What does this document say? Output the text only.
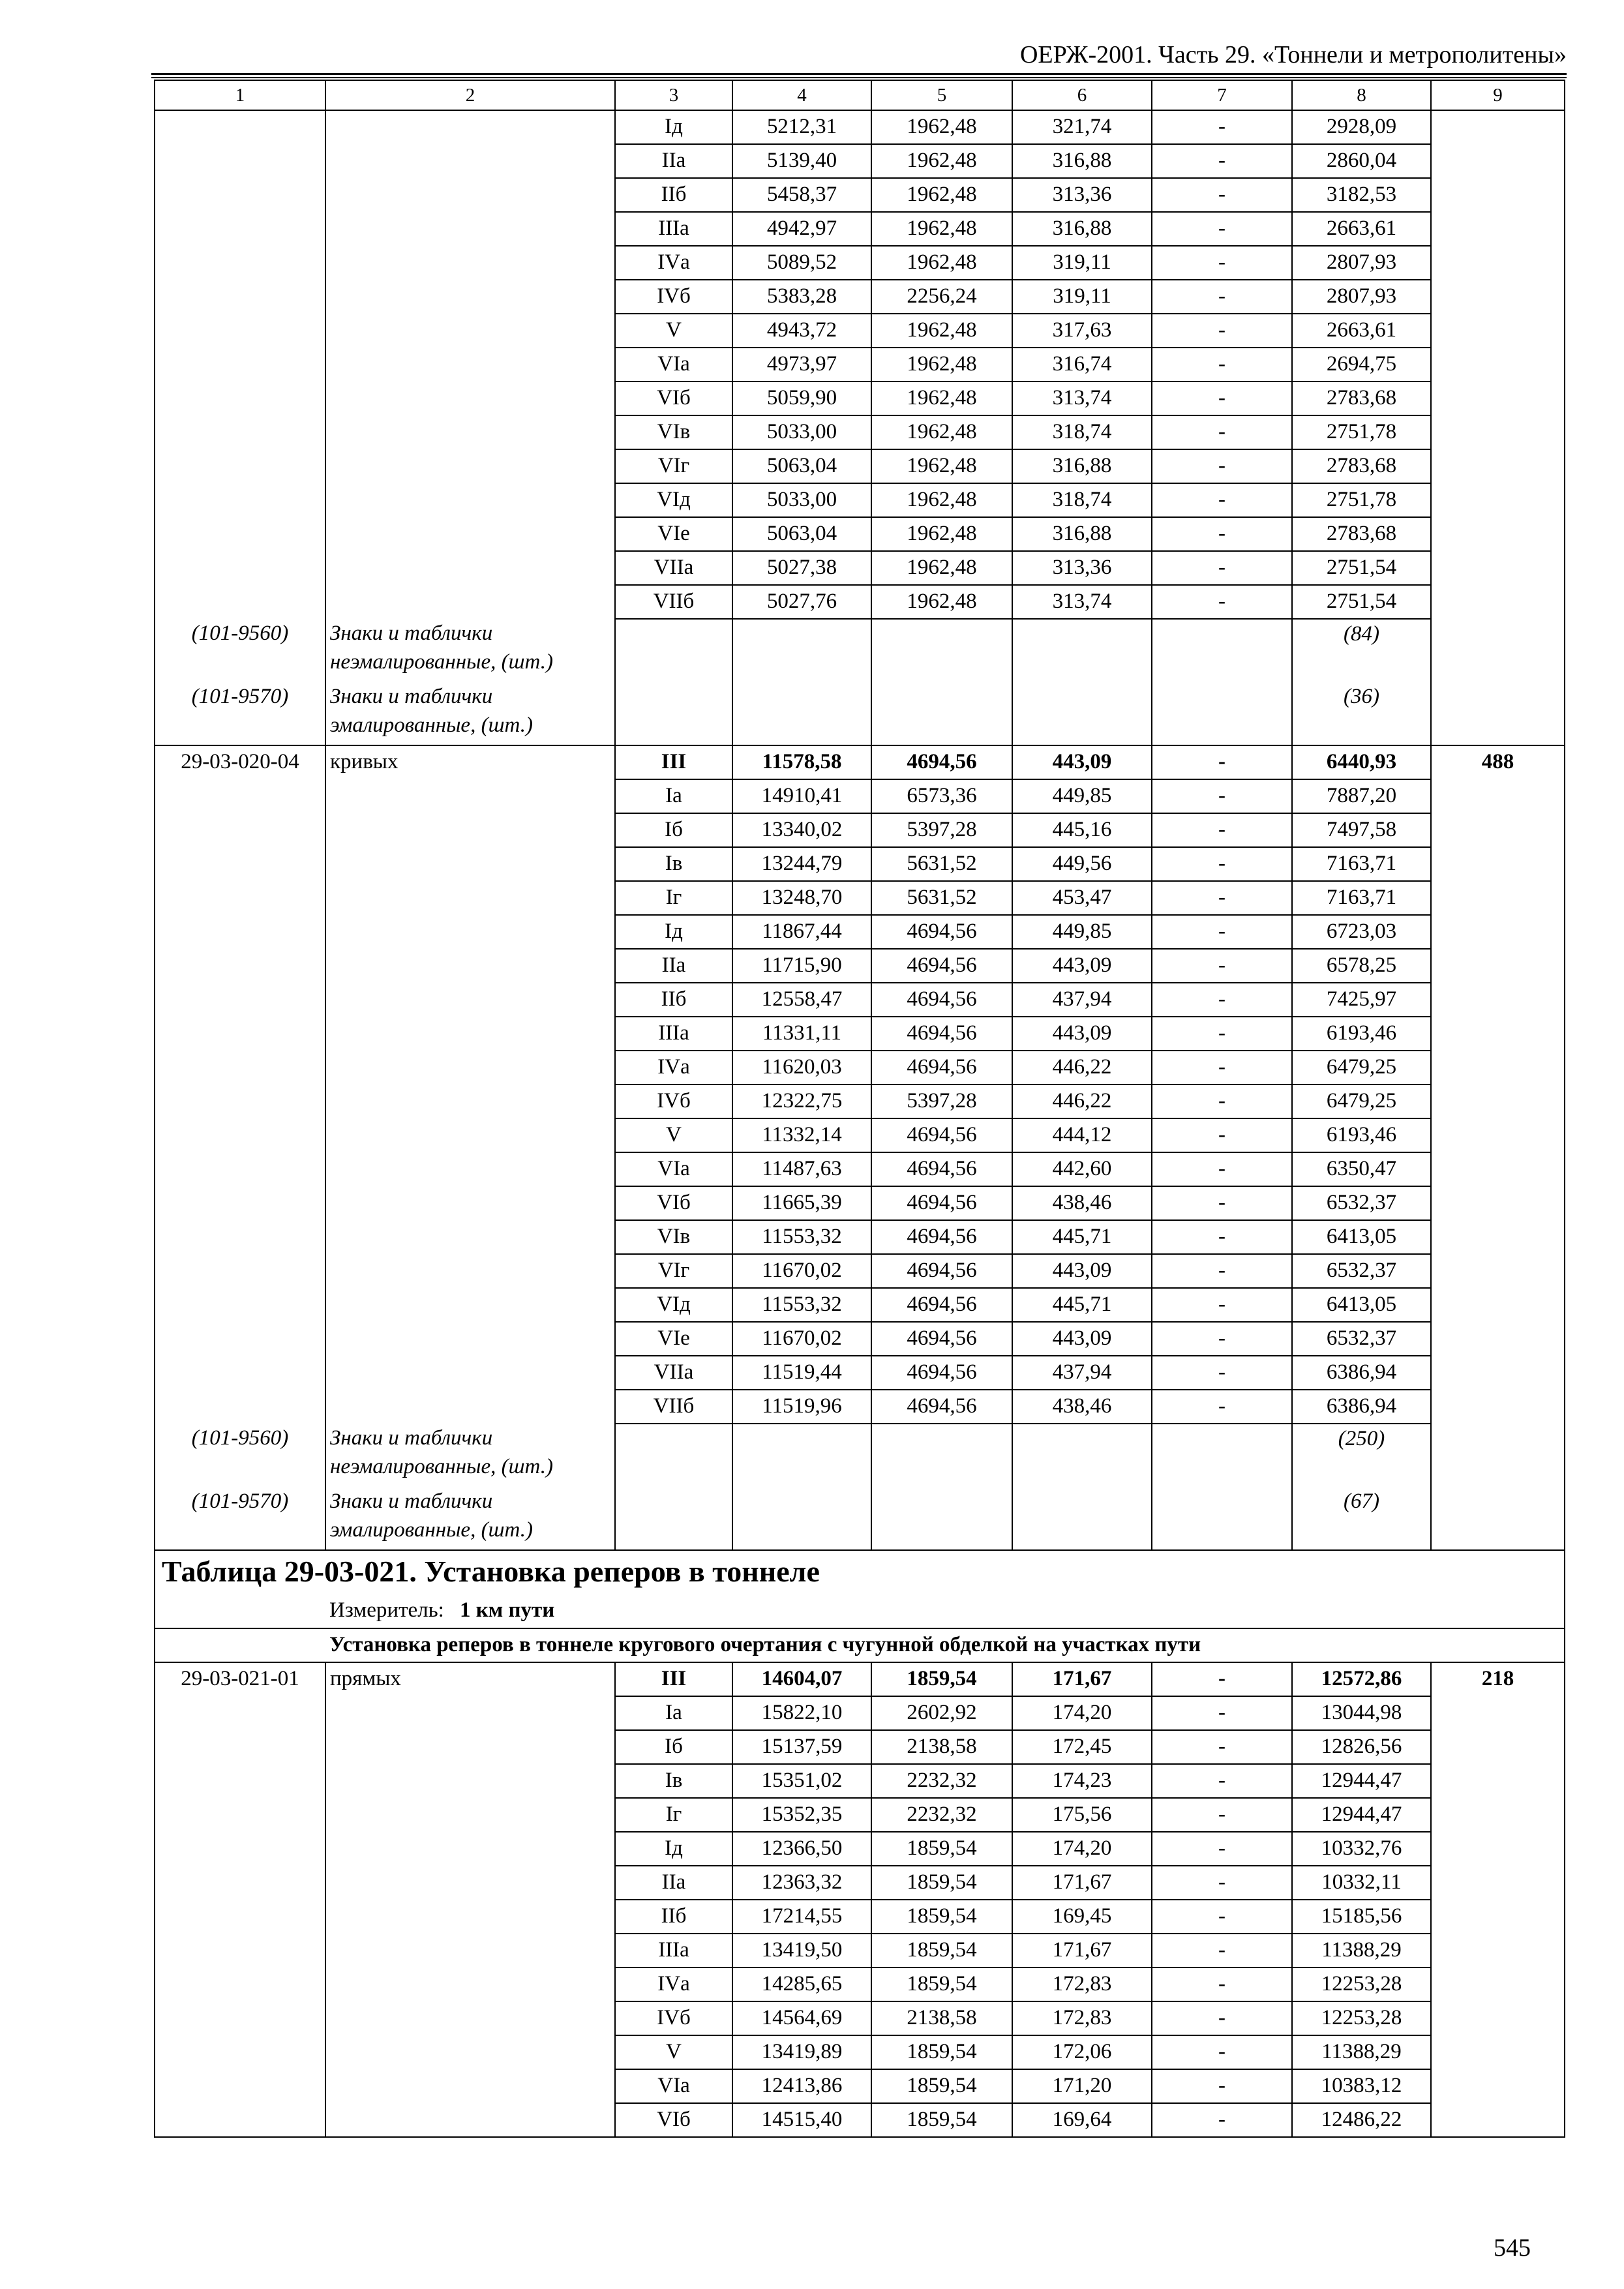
ОЕРЖ-2001. Часть 29. «Тоннели и метрополитены»
1	2	3	4	5	6	7	8	9
		Iд	5212,31	1962,48	321,74	-	2928,09	
		IIа	5139,40	1962,48	316,88	-	2860,04	
		IIб	5458,37	1962,48	313,36	-	3182,53	
		IIIа	4942,97	1962,48	316,88	-	2663,61	
		IVа	5089,52	1962,48	319,11	-	2807,93	
		IVб	5383,28	2256,24	319,11	-	2807,93	
		V	4943,72	1962,48	317,63	-	2663,61	
		VIа	4973,97	1962,48	316,74	-	2694,75	
		VIб	5059,90	1962,48	313,74	-	2783,68	
		VIв	5033,00	1962,48	318,74	-	2751,78	
		VIг	5063,04	1962,48	316,88	-	2783,68	
		VIд	5033,00	1962,48	318,74	-	2751,78	
		VIе	5063,04	1962,48	316,88	-	2783,68	
		VIIа	5027,38	1962,48	313,36	-	2751,54	
		VIIб	5027,76	1962,48	313,74	-	2751,54	
(101-9560)	Знаки и таблички неэмалированные, (шт.)						(84)	
(101-9570)	Знаки и таблички эмалированные, (шт.)						(36)	
29-03-020-04	кривых	III	11578,58	4694,56	443,09	-	6440,93	488
		Iа	14910,41	6573,36	449,85	-	7887,20	
		Iб	13340,02	5397,28	445,16	-	7497,58	
		Iв	13244,79	5631,52	449,56	-	7163,71	
		Iг	13248,70	5631,52	453,47	-	7163,71	
		Iд	11867,44	4694,56	449,85	-	6723,03	
		IIа	11715,90	4694,56	443,09	-	6578,25	
		IIб	12558,47	4694,56	437,94	-	7425,97	
		IIIа	11331,11	4694,56	443,09	-	6193,46	
		IVа	11620,03	4694,56	446,22	-	6479,25	
		IVб	12322,75	5397,28	446,22	-	6479,25	
		V	11332,14	4694,56	444,12	-	6193,46	
		VIа	11487,63	4694,56	442,60	-	6350,47	
		VIб	11665,39	4694,56	438,46	-	6532,37	
		VIв	11553,32	4694,56	445,71	-	6413,05	
		VIг	11670,02	4694,56	443,09	-	6532,37	
		VIд	11553,32	4694,56	445,71	-	6413,05	
		VIе	11670,02	4694,56	443,09	-	6532,37	
		VIIа	11519,44	4694,56	437,94	-	6386,94	
		VIIб	11519,96	4694,56	438,46	-	6386,94	
(101-9560)	Знаки и таблички неэмалированные, (шт.)						(250)	
(101-9570)	Знаки и таблички эмалированные, (шт.)						(67)	
Таблица 29-03-021. Установка реперов в тоннеле								
	Измеритель: 1 км пути							
	Установка реперов в тоннеле кругового очертания с чугунной обделкой на участках пути							
29-03-021-01	прямых	III	14604,07	1859,54	171,67	-	12572,86	218
		Iа	15822,10	2602,92	174,20	-	13044,98	
		Iб	15137,59	2138,58	172,45	-	12826,56	
		Iв	15351,02	2232,32	174,23	-	12944,47	
		Iг	15352,35	2232,32	175,56	-	12944,47	
		Iд	12366,50	1859,54	174,20	-	10332,76	
		IIа	12363,32	1859,54	171,67	-	10332,11	
		IIб	17214,55	1859,54	169,45	-	15185,56	
		IIIа	13419,50	1859,54	171,67	-	11388,29	
		IVа	14285,65	1859,54	172,83	-	12253,28	
		IVб	14564,69	2138,58	172,83	-	12253,28	
		V	13419,89	1859,54	172,06	-	11388,29	
		VIа	12413,86	1859,54	171,20	-	10383,12	
		VIб	14515,40	1859,54	169,64	-	12486,22	
545
